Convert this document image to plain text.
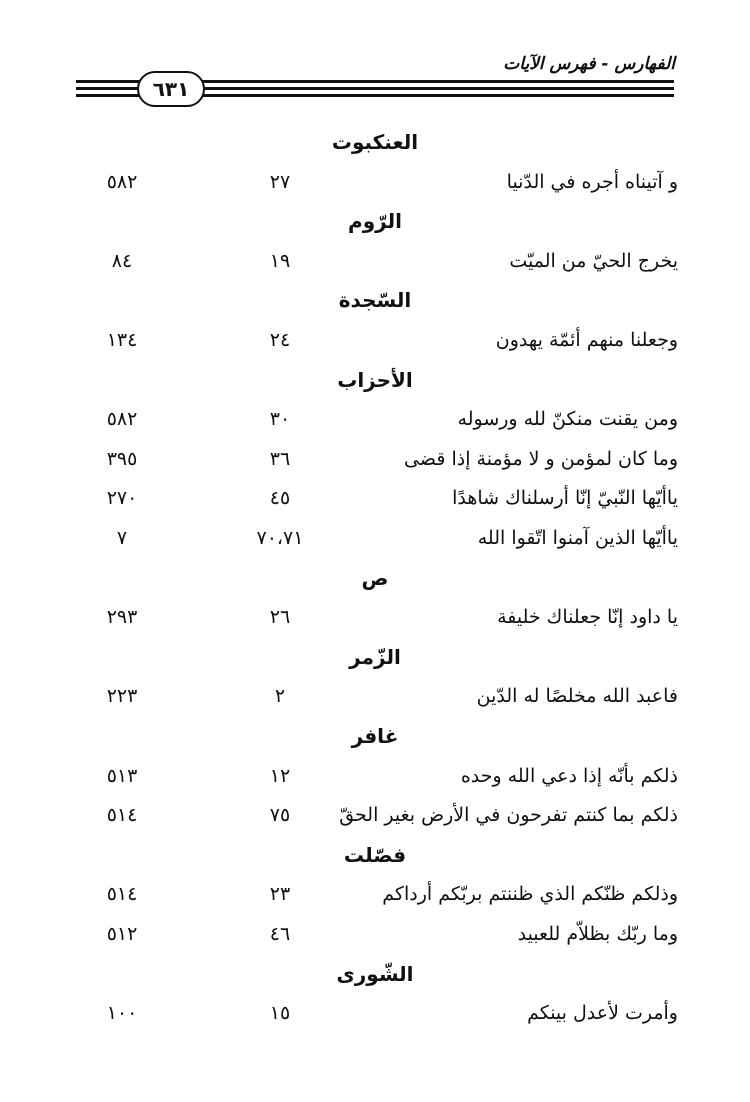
الفهارس - فهرس الآيات
٦٣١
العنكبوت
و آتيناه أجره في الدّنيا
٢٧
٥٨٢
الرّوم
يخرج الحيّ من الميّت
١٩
٨٤
السّجدة
وجعلنا منهم أئمّة يهدون
٢٤
١٣٤
الأحزاب
ومن يقنت منكنّ لله ورسوله
٣٠
٥٨٢
وما كان لمؤمن و لا مؤمنة إذا قضى
٣٦
٣٩٥
ياأيّها النّبيّ إنّا أرسلناك شاهدًا
٤٥
٢٧٠
ياأيّها الذين آمنوا اتّقوا الله
٧٠،٧١
٧
ص
يا داود إنّا جعلناك خليفة
٢٦
٢٩٣
الزّمر
فاعبد الله مخلصًا له الدّين
٢
٢٢٣
غافر
ذلكم بأنّه إذا دعي الله وحده
١٢
٥١٣
ذلكم بما كنتم تفرحون في الأرض بغير الحقّ
٧٥
٥١٤
فصّلت
وذلكم ظنّكم الذي ظننتم بربّكم أرداكم
٢٣
٥١٤
وما ربّك بظلاّم للعبيد
٤٦
٥١٢
الشّورى
وأمرت لأعدل بينكم
١٥
١٠٠
